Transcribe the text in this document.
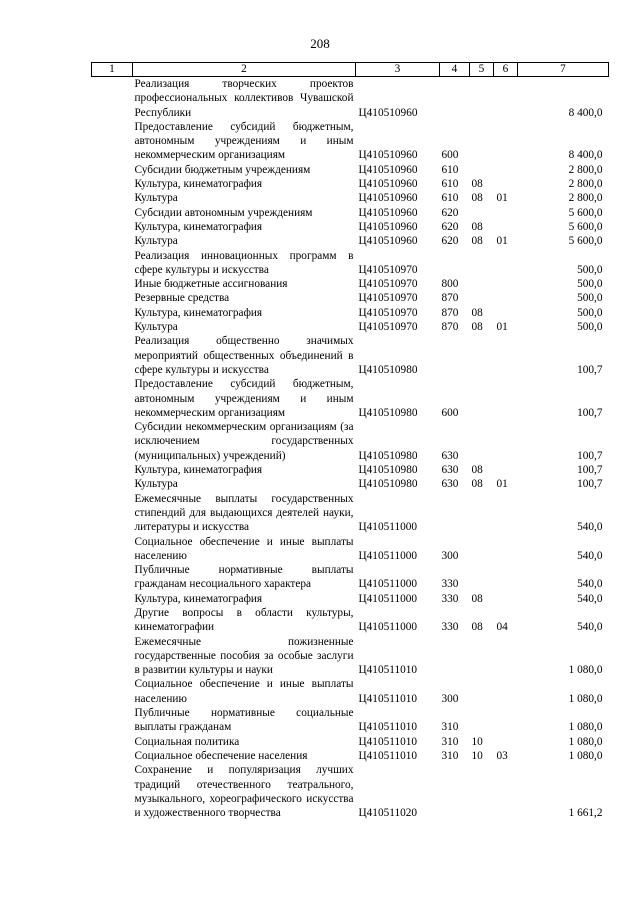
208
1	2	3	4	5	6	7
	Реализация творческих проектов профессиональных коллективов Чувашской Республики	Ц410510960				8 400,0
	Предоставление субсидий бюджетным, автономным учреждениям и иным некоммерческим организациям	Ц410510960	600			8 400,0
	Субсидии бюджетным учреждениям	Ц410510960	610			2 800,0
	Культура, кинематография	Ц410510960	610	08		2 800,0
	Культура	Ц410510960	610	08	01	2 800,0
	Субсидии автономным учреждениям	Ц410510960	620			5 600,0
	Культура, кинематография	Ц410510960	620	08		5 600,0
	Культура	Ц410510960	620	08	01	5 600,0
	Реализация инновационных программ в сфере культуры и искусства	Ц410510970				500,0
	Иные бюджетные ассигнования	Ц410510970	800			500,0
	Резервные средства	Ц410510970	870			500,0
	Культура, кинематография	Ц410510970	870	08		500,0
	Культура	Ц410510970	870	08	01	500,0
	Реализация общественно значимых мероприятий общественных объединений в сфере культуры и искусства	Ц410510980				100,7
	Предоставление субсидий бюджетным, автономным учреждениям и иным некоммерческим организациям	Ц410510980	600			100,7
	Субсидии некоммерческим организациям (за исключением государственных (муниципальных) учреждений)	Ц410510980	630			100,7
	Культура, кинематография	Ц410510980	630	08		100,7
	Культура	Ц410510980	630	08	01	100,7
	Ежемесячные выплаты государственных стипендий для выдающихся деятелей науки, литературы и искусства	Ц410511000				540,0
	Социальное обеспечение и иные выплаты населению	Ц410511000	300			540,0
	Публичные нормативные выплаты гражданам несоциального характера	Ц410511000	330			540,0
	Культура, кинематография	Ц410511000	330	08		540,0
	Другие вопросы в области культуры, кинематографии	Ц410511000	330	08	04	540,0
	Ежемесячные пожизненные государственные пособия за особые заслуги в развитии культуры и науки	Ц410511010				1 080,0
	Социальное обеспечение и иные выплаты населению	Ц410511010	300			1 080,0
	Публичные нормативные социальные выплаты гражданам	Ц410511010	310			1 080,0
	Социальная политика	Ц410511010	310	10		1 080,0
	Социальное обеспечение населения	Ц410511010	310	10	03	1 080,0
	Сохранение и популяризация лучших традиций отечественного театрального, музыкального, хореографического искусства и художественного творчества	Ц410511020				1 661,2
